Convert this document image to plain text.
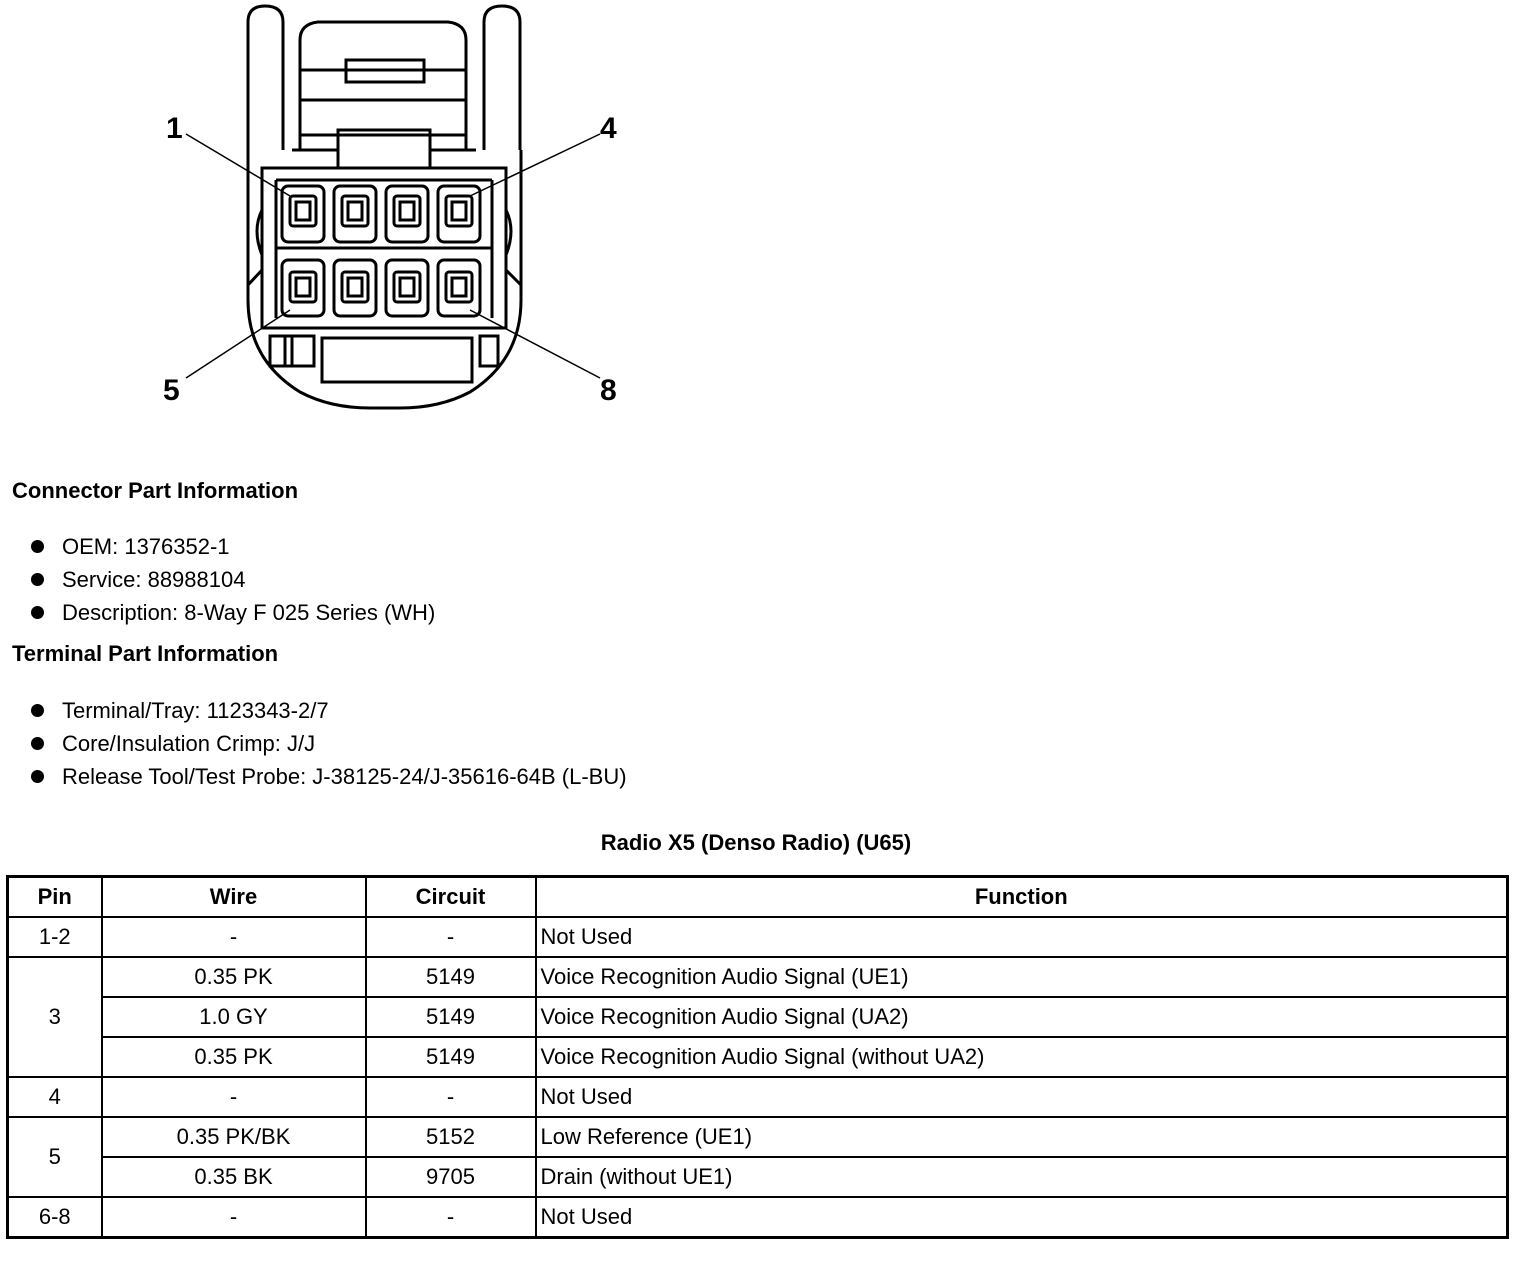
1	4
5	8
Connector Part Information
OEM: 1376352-1
Service: 88988104
Description: 8-Way F 025 Series (WH)
Terminal Part Information
Terminal/Tray: 1123343-2/7
Core/Insulation Crimp: J/J
Release Tool/Test Probe: J-38125-24/J-35616-64B (L-BU)
Radio X5 (Denso Radio) (U65)
Pin	Wire	Circuit	Function
1-2	-	-	Not Used
3	0.35 PK	5149	Voice Recognition Audio Signal (UE1)
	1.0 GY	5149	Voice Recognition Audio Signal (UA2)
	0.35 PK	5149	Voice Recognition Audio Signal (without UA2)
4	-	-	Not Used
5	0.35 PK/BK	5152	Low Reference (UE1)
	0.35 BK	9705	Drain (without UE1)
6-8	-	-	Not Used
